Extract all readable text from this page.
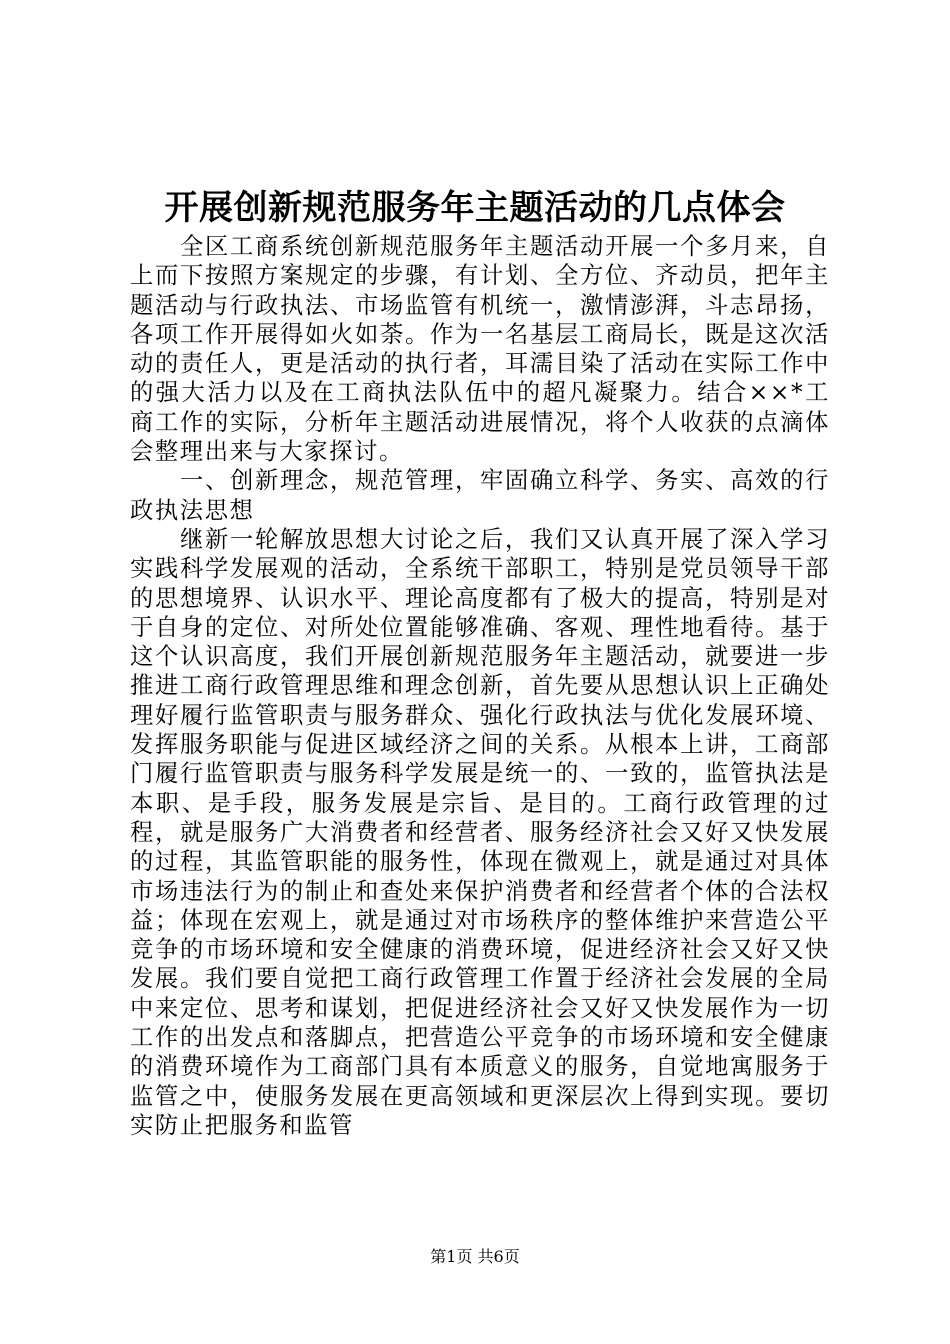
开展创新规范服务年主题活动的几点体会

全区工商系统创新规范服务年主题活动开展一个多月来，自上而下按照方案规定的步骤，有计划、全方位、齐动员，把年主题活动与行政执法、市场监管有机统一，激情澎湃，斗志昂扬，各项工作开展得如火如荼。作为一名基层工商局长，既是这次活动的责任人，更是活动的执行者，耳濡目染了活动在实际工作中的强大活力以及在工商执法队伍中的超凡凝聚力。结合××*工商工作的实际，分析年主题活动进展情况，将个人收获的点滴体会整理出来与大家探讨。

一、创新理念，规范管理，牢固确立科学、务实、高效的行政执法思想

继新一轮解放思想大讨论之后，我们又认真开展了深入学习实践科学发展观的活动，全系统干部职工，特别是党员领导干部的思想境界、认识水平、理论高度都有了极大的提高，特别是对于自身的定位、对所处位置能够准确、客观、理性地看待。基于这个认识高度，我们开展创新规范服务年主题活动，就要进一步推进工商行政管理思维和理念创新，首先要从思想认识上正确处理好履行监管职责与服务群众、强化行政执法与优化发展环境、发挥服务职能与促进区域经济之间的关系。从根本上讲，工商部门履行监管职责与服务科学发展是统一的、一致的，监管执法是本职、是手段，服务发展是宗旨、是目的。工商行政管理的过程，就是服务广大消费者和经营者、服务经济社会又好又快发展的过程，其监管职能的服务性，体现在微观上，就是通过对具体市场违法行为的制止和查处来保护消费者和经营者个体的合法权益；体现在宏观上，就是通过对市场秩序的整体维护来营造公平竞争的市场环境和安全健康的消费环境，促进经济社会又好又快发展。我们要自觉把工商行政管理工作置于经济社会发展的全局中来定位、思考和谋划，把促进经济社会又好又快发展作为一切工作的出发点和落脚点，把营造公平竞争的市场环境和安全健康的消费环境作为工商部门具有本质意义的服务，自觉地寓服务于监管之中，使服务发展在更高领域和更深层次上得到实现。要切实防止把服务和监管

第1页 共6页
